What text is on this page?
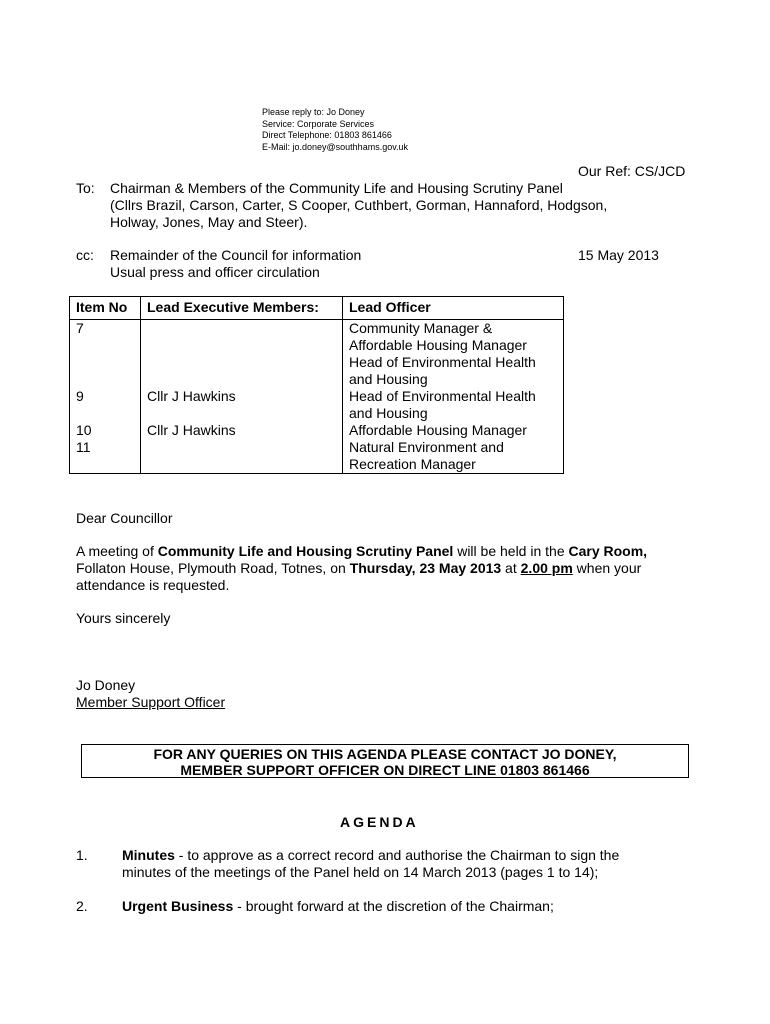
Please reply to: Jo Doney
Service: Corporate Services
Direct Telephone: 01803 861466
E-Mail: jo.doney@southhams.gov.uk
Our Ref: CS/JCD
To: Chairman & Members of the Community Life and Housing Scrutiny Panel
(Cllrs Brazil, Carson, Carter, S Cooper, Cuthbert, Gorman, Hannaford, Hodgson,
Holway, Jones, May and Steer).
cc: Remainder of the Council for information
Usual press and officer circulation
15 May 2013
Item No	Lead Executive Members:	Lead Officer
7		Community Manager & Affordable Housing Manager Head of Environmental Health and Housing
9	Cllr J Hawkins	Head of Environmental Health and Housing
10	Cllr J Hawkins	Affordable Housing Manager
11		Natural Environment and Recreation Manager
Dear Councillor
A meeting of Community Life and Housing Scrutiny Panel will be held in the Cary Room,
Follaton House, Plymouth Road, Totnes, on Thursday, 23 May 2013 at 2.00 pm when your
attendance is requested.
Yours sincerely
Jo Doney
Member Support Officer
FOR ANY QUERIES ON THIS AGENDA PLEASE CONTACT JO DONEY,
MEMBER SUPPORT OFFICER ON DIRECT LINE 01803 861466
AGENDA
1. Minutes - to approve as a correct record and authorise the Chairman to sign the
minutes of the meetings of the Panel held on 14 March 2013 (pages 1 to 14);
2. Urgent Business - brought forward at the discretion of the Chairman;
